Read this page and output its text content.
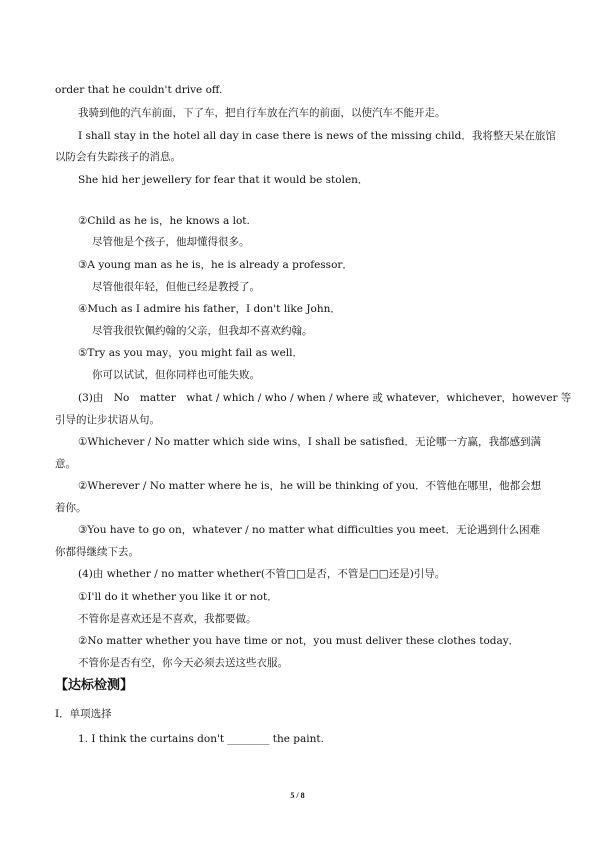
order that he couldn't drive off.
我骑到他的汽车前面，下了车，把自行车放在汽车的前面，以使汽车不能开走。
I shall stay in the hotel all day in case there is news of the missing child．我将整天呆在旅馆
以防会有失踪孩子的消息。
She hid her jewellery for fear that it would be stolen．
②Child as he is，he knows a lot.
尽管他是个孩子，他却懂得很多。
③A young man as he is，he is already a professor．
尽管他很年轻，但他已经是教授了。
④Much as I admire his father，I don't like John．
尽管我很钦佩约翰的父亲，但我却不喜欢约翰。
⑤Try as you may，you might fail as well．
你可以试试，但你同样也可能失败。
(3)由　No　matter　what / which / who / when / where 或 whatever，whichever，however 等
引导的让步状语从句。
①Whichever / No matter which side wins，I shall be satisfied．无论哪一方赢，我都感到满
意。
②Wherever / No matter where he is，he will be thinking of you．不管他在哪里，他都会想
着你。
③You have to go on，whatever / no matter what difficulties you meet．无论遇到什么困难
你都得继续下去。
(4)由 whether / no matter whether(不管□□是否，不管是□□还是)引导。
①I'll do it whether you like it or not．
不管你是喜欢还是不喜欢，我都要做。
②No matter whether you have time or not，you must deliver these clothes today．
不管你是否有空，你今天必须去送这些衣服。
【达标检测】
Ⅰ．单项选择
1. I think the curtains don't ________ the paint.
5 / 8
